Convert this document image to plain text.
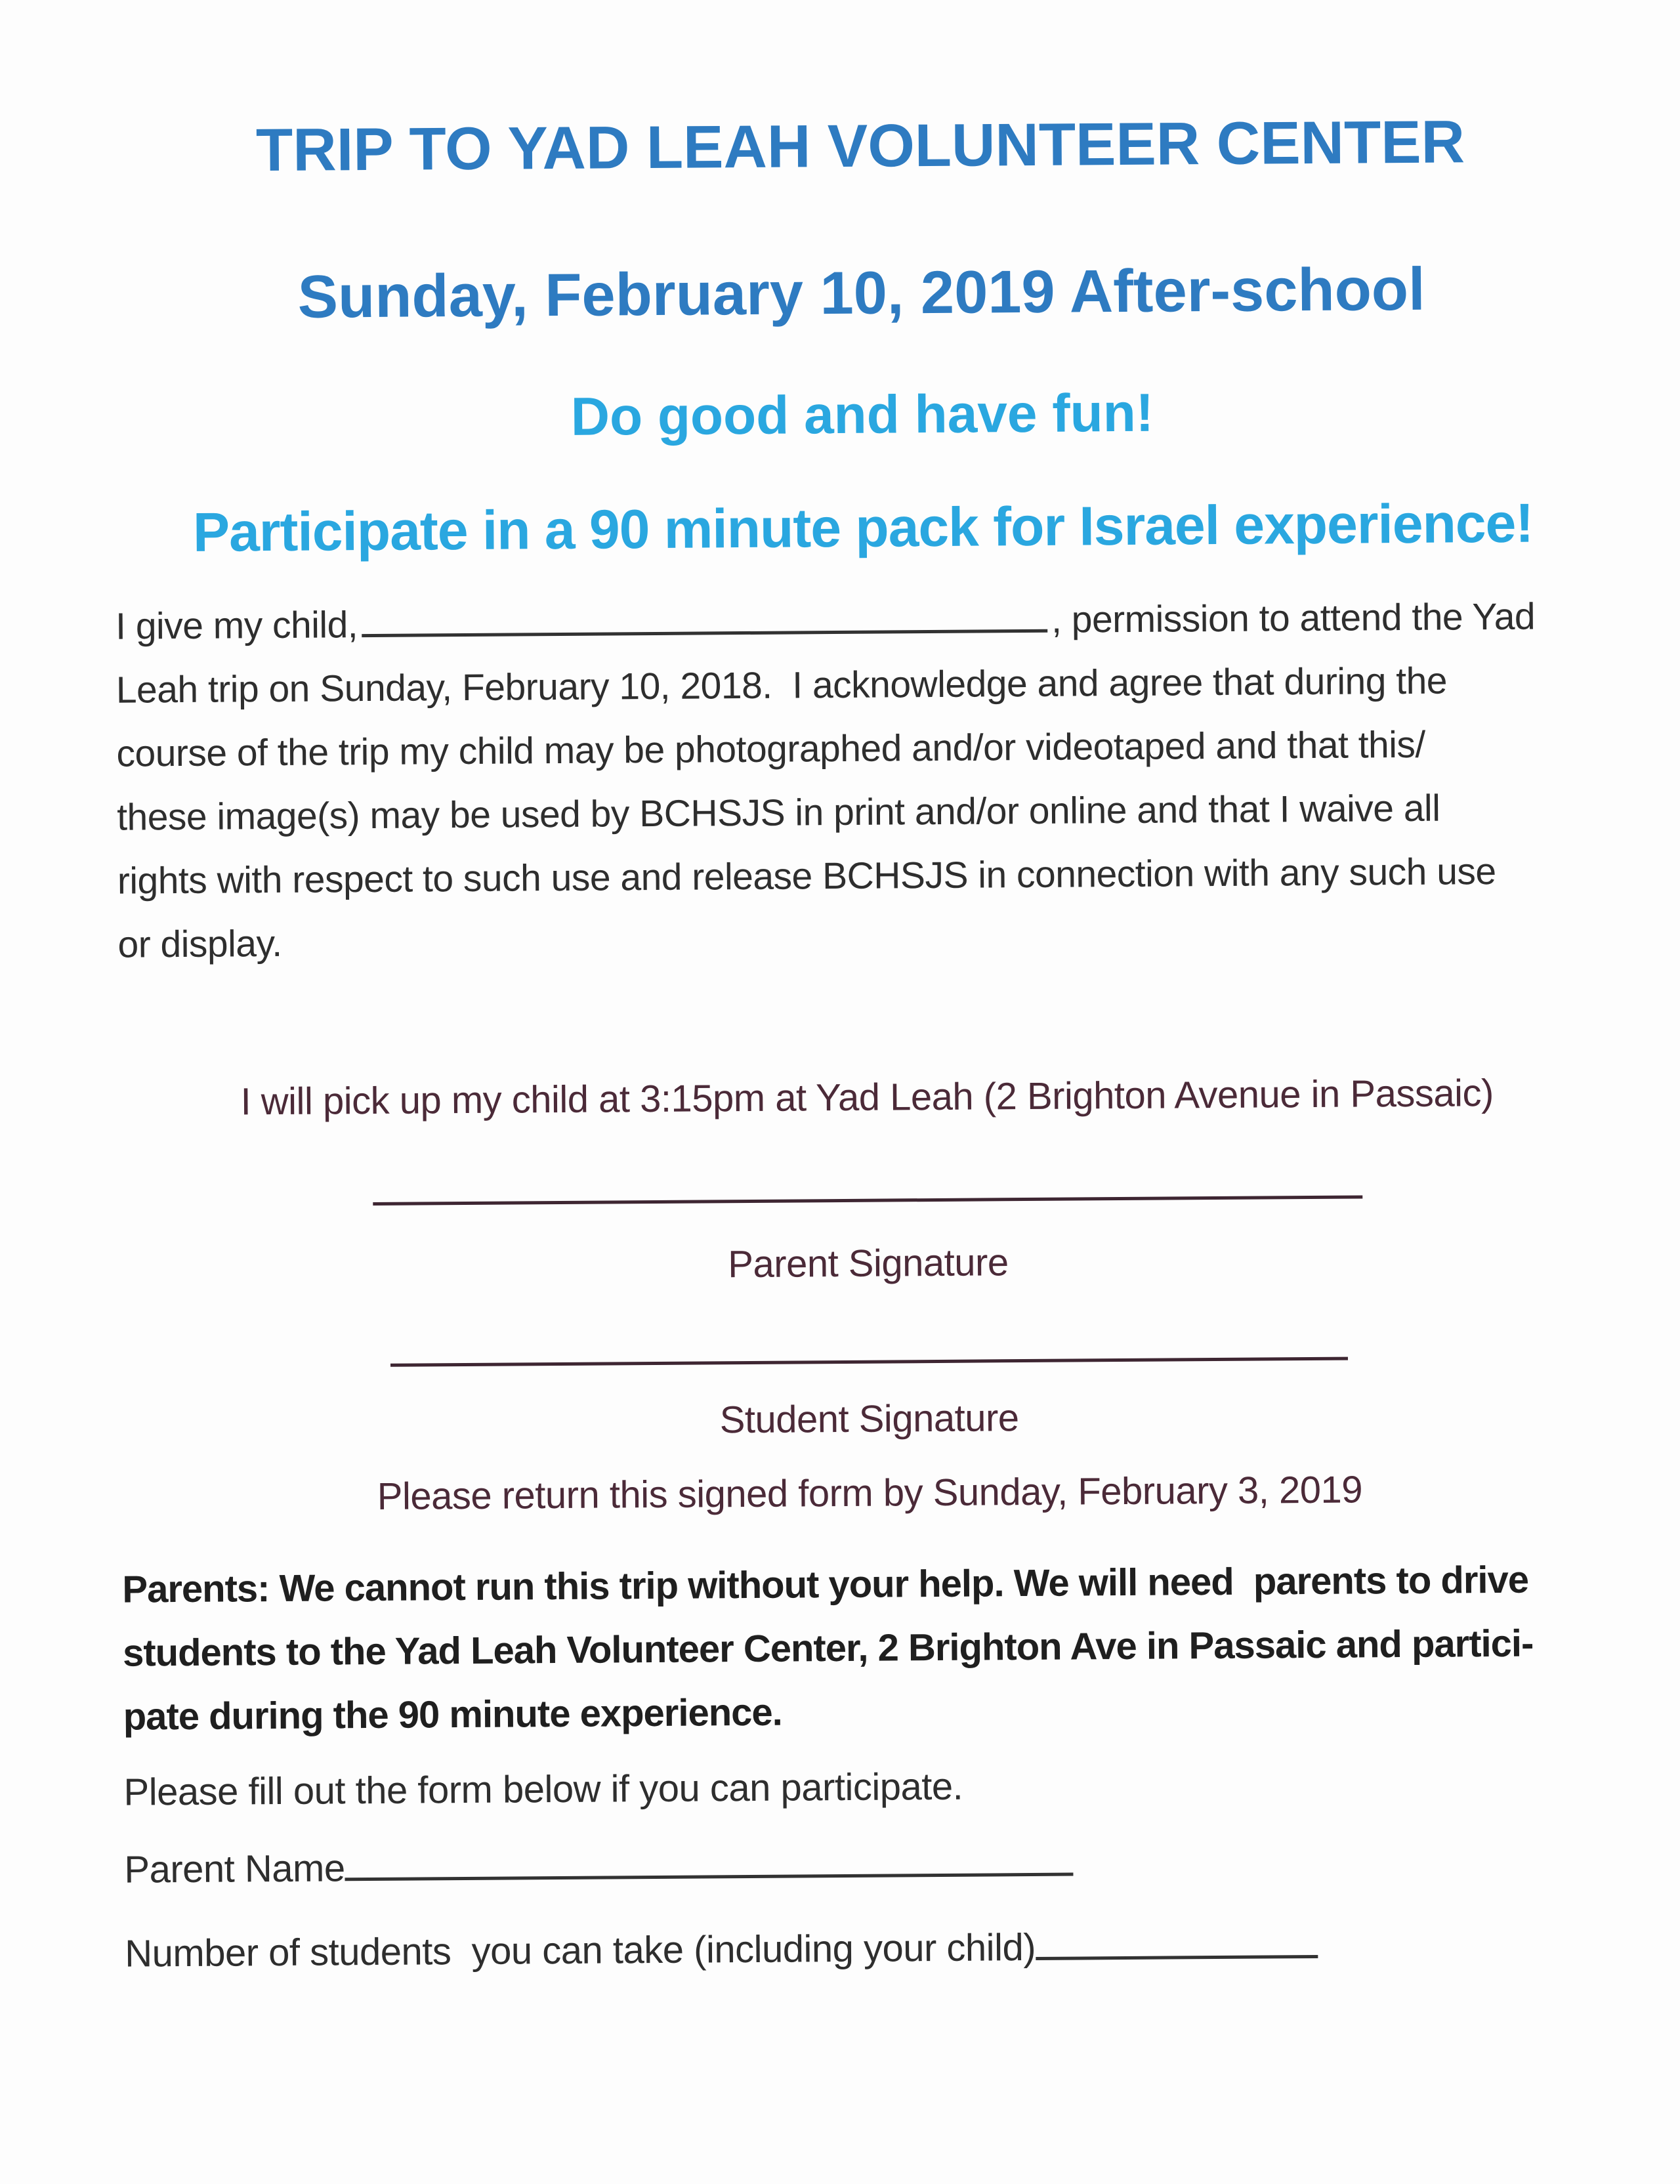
TRIP TO YAD LEAH VOLUNTEER CENTER
Sunday, February 10, 2019 After-school
Do good and have fun!
Participate in a 90 minute pack for Israel experience!
I give my child,	, permission to attend the Yad
Leah trip on Sunday, February 10, 2018.  I acknowledge and agree that during the
course of the trip my child may be photographed and/or videotaped and that this/
these image(s) may be used by BCHSJS in print and/or online and that I waive all
rights with respect to such use and release BCHSJS in connection with any such use
or display.
I will pick up my child at 3:15pm at Yad Leah (2 Brighton Avenue in Passaic)
Parent Signature
Student Signature
Please return this signed form by Sunday, February 3, 2019
Parents: We cannot run this trip without your help. We will need  parents to drive
students to the Yad Leah Volunteer Center, 2 Brighton Ave in Passaic and partici-
pate during the 90 minute experience.
Please fill out the form below if you can participate.
Parent Name
Number of students  you can take (including your child)
